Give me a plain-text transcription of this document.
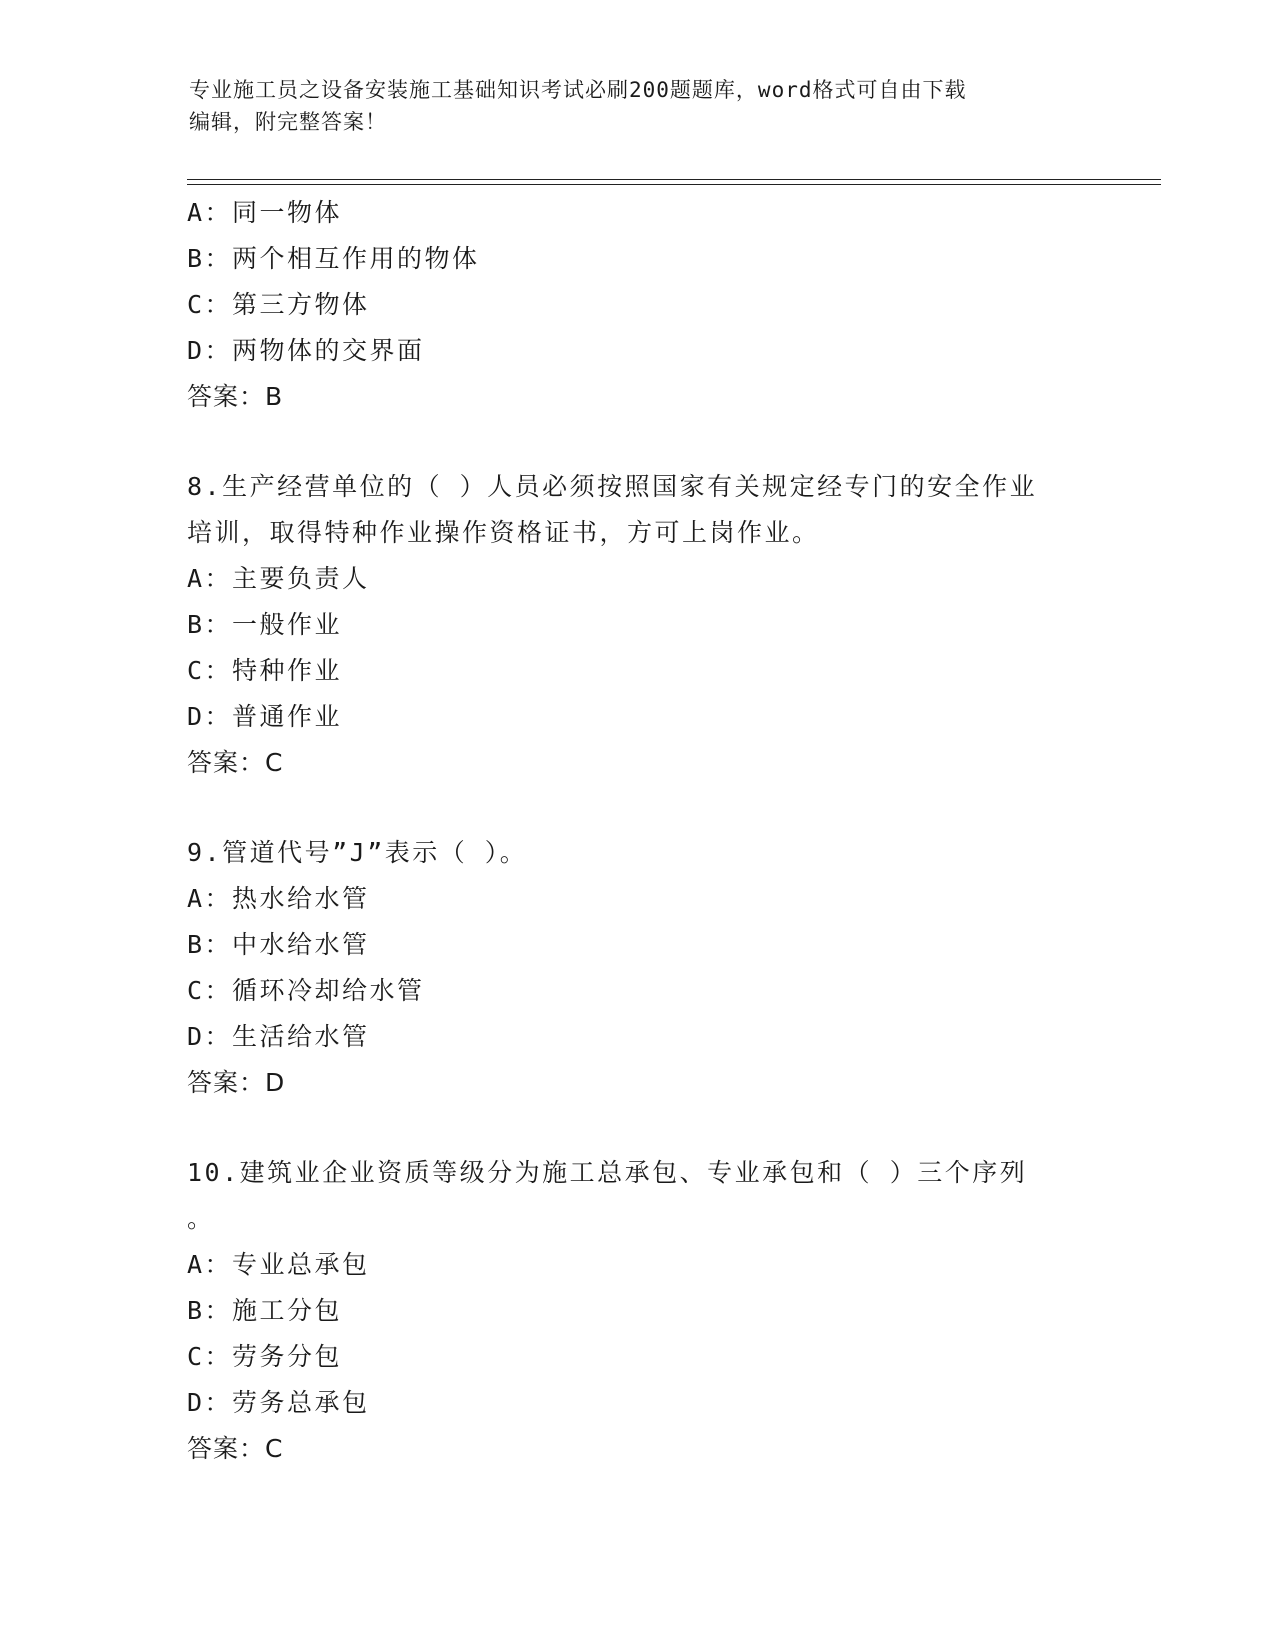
专业施工员之设备安装施工基础知识考试必刷200题题库，word格式可自由下载
编辑，附完整答案！
A：同一物体
B：两个相互作用的物体
C：第三方物体
D：两物体的交界面
答案：B
8.生产经营单位的（ ）人员必须按照国家有关规定经专门的安全作业
培训，取得特种作业操作资格证书，方可上岗作业。
A：主要负责人
B：一般作业
C：特种作业
D：普通作业
答案：C
9.管道代号”J”表示（ ）。
A：热水给水管
B：中水给水管
C：循环冷却给水管
D：生活给水管
答案：D
10.建筑业企业资质等级分为施工总承包、专业承包和（ ）三个序列
。
A：专业总承包
B：施工分包
C：劳务分包
D：劳务总承包
答案：C
